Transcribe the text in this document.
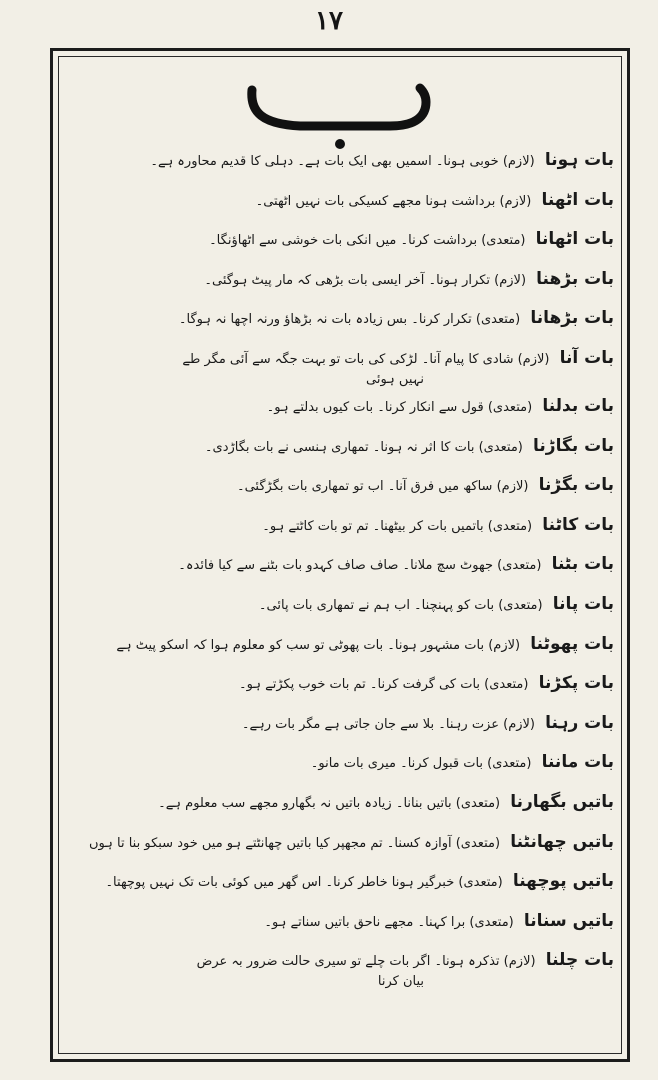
۱۷
ب
بات ہونا (لازم) خوبی ہونا۔ اسمیں بھی ایک بات ہے۔ دہلی کا قدیم محاورہ ہے۔
بات اٹھنا (لازم) برداشت ہونا مجھے کسیکی بات نہیں اٹھتی۔
بات اٹھانا (متعدی) برداشت کرنا۔ میں انکی بات خوشی سے اٹھاؤنگا۔
بات بڑھنا (لازم) تکرار ہونا۔ آخر ایسی بات بڑھی کہ مار پیٹ ہوگئی۔
بات بڑھانا (متعدی) تکرار کرنا۔ بس زیادہ بات نہ بڑھاؤ ورنہ اچھا نہ ہوگا۔
بات آنا (لازم) شادی کا پیام آنا۔ لڑکی کی بات تو بہت جگہ سے آئی مگر طے
نہیں ہوئی
بات بدلنا (متعدی) قول سے انکار کرنا۔ بات کیوں بدلتے ہو۔
بات بگاڑنا (متعدی) بات کا اثر نہ ہونا۔ تمھاری ہنسی نے بات بگاڑدی۔
بات بگڑنا (لازم) ساکھ میں فرق آنا۔ اب تو تمھاری بات بگڑگئی۔
بات کاٹنا (متعدی) باتمیں بات کر بیٹھنا۔ تم تو بات کاٹتے ہو۔
بات بٹنا (متعدی) جھوٹ سچ ملانا۔ صاف صاف کہدو بات بٹنے سے کیا فائدہ۔
بات پانا (متعدی) بات کو پہنچنا۔ اب ہم نے تمھاری بات پائی۔
بات پھوٹنا (لازم) بات مشہور ہونا۔ بات پھوٹی تو سب کو معلوم ہوا کہ اسکو پیٹ ہے
بات پکڑنا (متعدی) بات کی گرفت کرنا۔ تم بات خوب پکڑتے ہو۔
بات رہنا (لازم) عزت رہنا۔ بلا سے جان جاتی ہے مگر بات رہے۔
بات ماننا (متعدی) بات قبول کرنا۔ میری بات مانو۔
باتیں بگھارنا (متعدی) باتیں بنانا۔ زیادہ باتیں نہ بگھارو مجھے سب معلوم ہے۔
باتیں چھانٹنا (متعدی) آوازہ کسنا۔ تم مجھپر کیا باتیں چھانٹتے ہو میں خود سبکو بنا تا ہوں
باتیں پوچھنا (متعدی) خبرگیر ہونا خاطر کرنا۔ اس گھر میں کوئی بات تک نہیں پوچھتا۔
باتیں سنانا (متعدی) برا کہنا۔ مجھے ناحق باتیں سناتے ہو۔
بات چلنا (لازم) تذکرہ ہونا۔ اگر بات چلے تو سیری حالت ضرور بہ عرض
بیان کرنا
